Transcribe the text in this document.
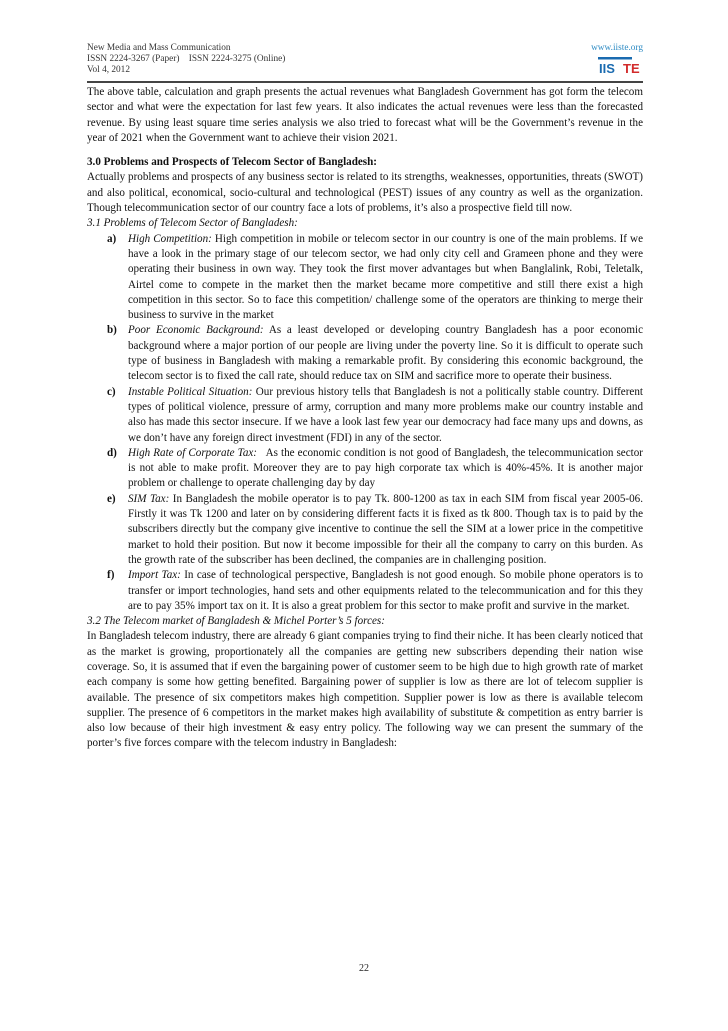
New Media and Mass Communication
ISSN 2224-3267 (Paper)    ISSN 2224-3275 (Online)
Vol 4, 2012
www.iiste.org
IIS TE

The above table, calculation and graph presents the actual revenues what Bangladesh Government has got form the telecom sector and what were the expectation for last few years. It also indicates the actual revenues were less than the forecasted revenue. By using least square time series analysis we also tried to forecast what will be the Government’s revenue in the year of 2021 when the Government want to achieve their vision 2021.

3.0 Problems and Prospects of Telecom Sector of Bangladesh:

Actually problems and prospects of any business sector is related to its strengths, weaknesses, opportunities, threats (SWOT) and also political, economical, socio-cultural and technological (PEST) issues of any country as well as the organization. Though telecommunication sector of our country face a lots of problems, it’s also a prospective field till now.

3.1 Problems of Telecom Sector of Bangladesh:

a) High Competition: High competition in mobile or telecom sector in our country is one of the main problems. If we have a look in the primary stage of our telecom sector, we had only city cell and Grameen phone and they were operating their business in own way. They took the first mover advantages but when Banglalink, Robi, Teletalk, Airtel come to compete in the market then the market became more competitive and still there exist a high competition in this sector. So to face this competition/ challenge some of the operators are thinking to merge their business to survive in the market
b) Poor Economic Background: As a least developed or developing country Bangladesh has a poor economic background where a major portion of our people are living under the poverty line. So it is difficult to operate such type of business in Bangladesh with making a remarkable profit. By considering this economic background, the telecom sector is to fixed the call rate, should reduce tax on SIM and sacrifice more to operate their business.
c) Instable Political Situation: Our previous history tells that Bangladesh is not a politically stable country. Different types of political violence, pressure of army, corruption and many more problems make our country instable and also has made this sector insecure. If we have a look last few year our democracy had face many ups and downs, as we don’t have any foreign direct investment (FDI) in any of the sector.
d) High Rate of Corporate Tax:   As the economic condition is not good of Bangladesh, the telecommunication sector is not able to make profit. Moreover they are to pay high corporate tax which is 40%-45%. It is another major problem or challenge to operate challenging day by day
e) SIM Tax: In Bangladesh the mobile operator is to pay Tk. 800-1200 as tax in each SIM from fiscal year 2005-06. Firstly it was Tk 1200 and later on by considering different facts it is fixed as tk 800. Though tax is to paid by the subscribers directly but the company give incentive to continue the sell the SIM at a lower price in the competitive market to hold their position. But now it become impossible for their all the company to carry on this burden. As the growth rate of the subscriber has been declined, the companies are in challenging position.
f) Import Tax: In case of technological perspective, Bangladesh is not good enough. So mobile phone operators is to transfer or import technologies, hand sets and other equipments related to the telecommunication and for this they are to pay 35% import tax on it. It is also a great problem for this sector to make profit and survive in the market.

3.2 The Telecom market of Bangladesh & Michel Porter’s 5 forces:

In Bangladesh telecom industry, there are already 6 giant companies trying to find their niche. It has been clearly noticed that as the market is growing, proportionately all the companies are getting new subscribers depending their nation wise coverage. So, it is assumed that if even the bargaining power of customer seem to be high due to high growth rate of market each company is some how getting benefited. Bargaining power of supplier is low as there are lot of telecom supplier is available. The presence of six competitors makes high competition. Supplier power is low as there is available telecom supplier. The presence of 6 competitors in the market makes high availability of substitute & competition as entry barrier is also low because of their high investment & easy entry policy. The following way we can present the summary of the porter’s five forces compare with the telecom industry in Bangladesh:

22
